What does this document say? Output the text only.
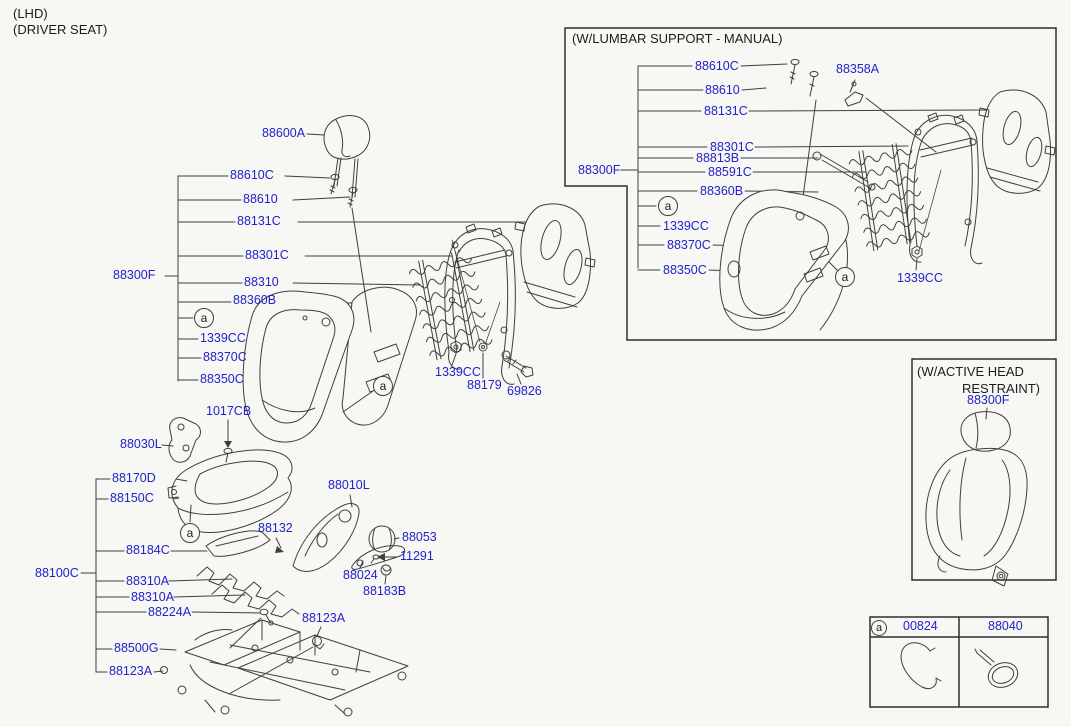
(LHD)
(DRIVER SEAT)
88600A
88610C
88610
88131C
88301C
88300F	88310
88360B
1339CC
88370C
88350C	1339CC
88179 69826
1017CB
88030L
88170D
88150C
88010L
88132
88184C
88053
11291
88100C
88310A	88024
88310A	88183B
88224A	88123A
88500G
88123A
(W/LUMBAR SUPPORT - MANUAL)
88610C	88358A
88610
88131C
88301C
88813B
88591C
88300F
88360B
1339CC
88370C
88350C
1339CC
(W/ACTIVE HEAD
RESTRAINT)
88300F
00824	88040
a
a
a
a
a
a
